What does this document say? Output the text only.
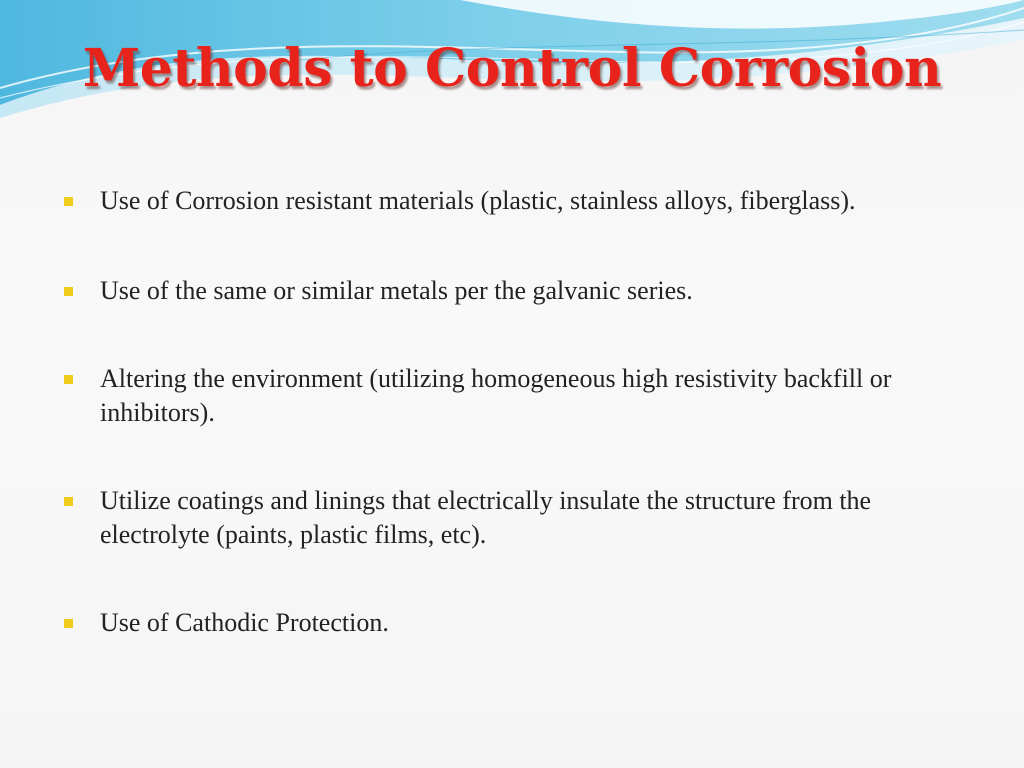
Methods to Control Corrosion
Use of Corrosion resistant materials (plastic, stainless alloys, fiberglass).
Use of the same or similar metals per the galvanic series.
Altering the environment (utilizing homogeneous high resistivity backfill or inhibitors).
Utilize coatings and linings that electrically insulate the structure from the electrolyte (paints, plastic films, etc).
Use of Cathodic Protection.
